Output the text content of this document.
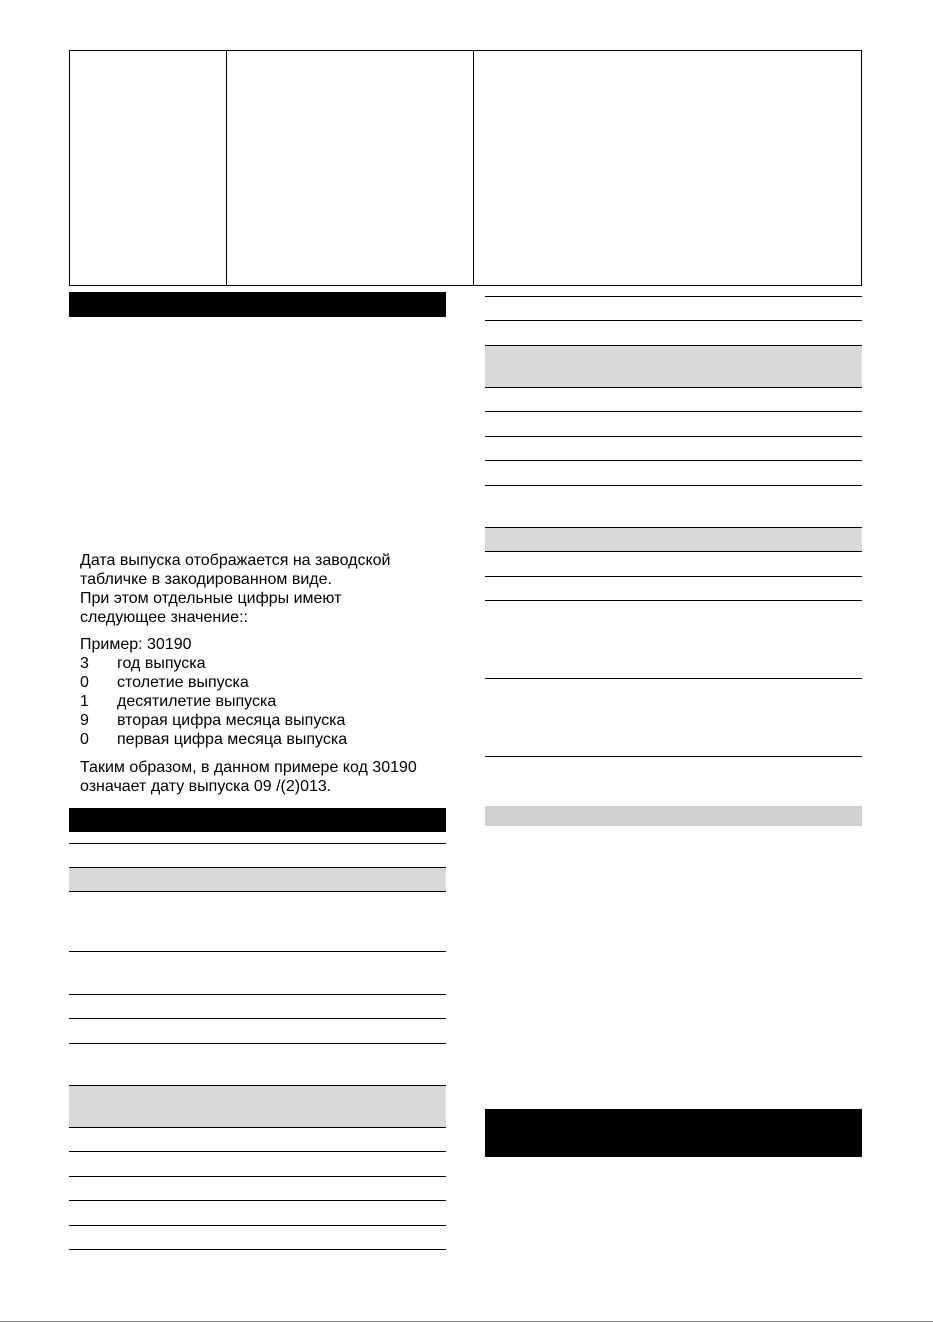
Дата выпуска отображается на заводской
табличке в закодированном виде.
При этом отдельные цифры имеют
следующее значение::
Пример: 30190
3 год выпуска
0 столетие выпуска
1 десятилетие выпуска
9 вторая цифра месяца выпуска
0 первая цифра месяца выпуска
Таким образом, в данном примере код 30190
означает дату выпуска 09 /(2)013.
